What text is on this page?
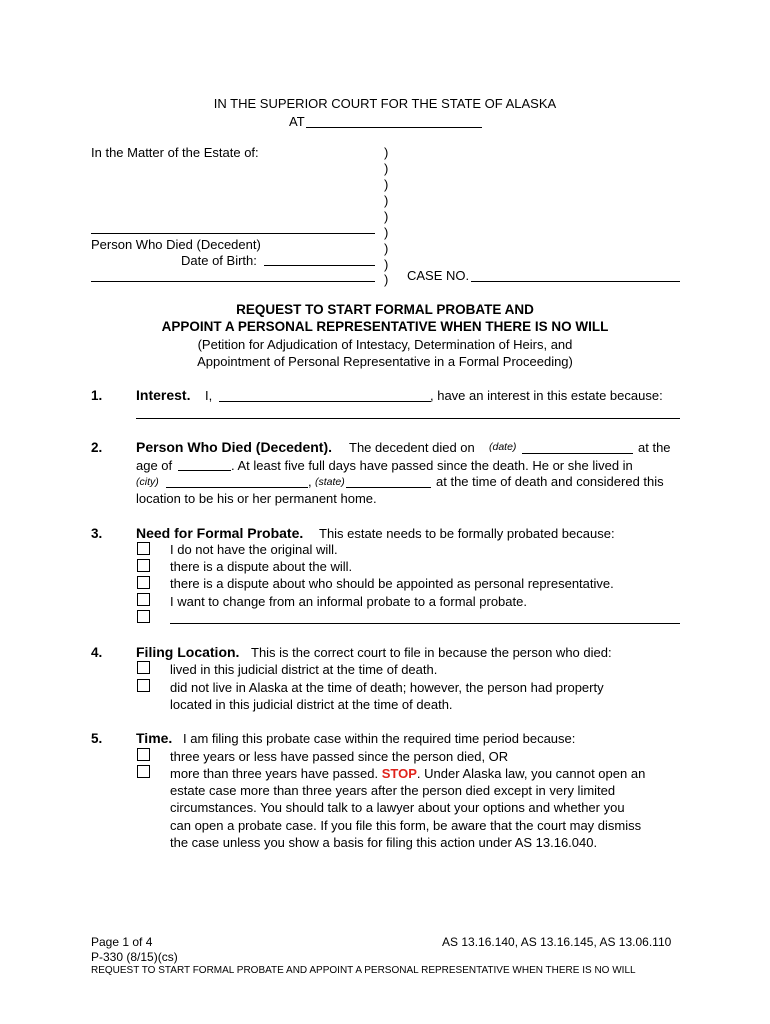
IN THE SUPERIOR COURT FOR THE STATE OF ALASKA
AT
In the Matter of the Estate of:	)
)
)
)
)
)
)
)
)
Person Who Died (Decedent)
Date of Birth:
CASE NO.
REQUEST TO START FORMAL PROBATE AND
APPOINT A PERSONAL REPRESENTATIVE WHEN THERE IS NO WILL
(Petition for Adjudication of Intestacy, Determination of Heirs, and
Appointment of Personal Representative in a Formal Proceeding)
1. Interest. I,	, have an interest in this estate because:
2. Person Who Died (Decedent). The decedent died on (date)	at the
age of	. At least five full days have passed since the death. He or she lived in
(city)	, (state)	at the time of death and considered this
location to be his or her permanent home.
3. Need for Formal Probate. This estate needs to be formally probated because:
I do not have the original will.
there is a dispute about the will.
there is a dispute about who should be appointed as personal representative.
I want to change from an informal probate to a formal probate.
4. Filing Location. This is the correct court to file in because the person who died:
lived in this judicial district at the time of death.
did not live in Alaska at the time of death; however, the person had property
located in this judicial district at the time of death.
5. Time. I am filing this probate case within the required time period because:
three years or less have passed since the person died, OR
more than three years have passed. STOP. Under Alaska law, you cannot open an
estate case more than three years after the person died except in very limited
circumstances. You should talk to a lawyer about your options and whether you
can open a probate case. If you file this form, be aware that the court may dismiss
the case unless you show a basis for filing this action under AS 13.16.040.
Page 1 of 4	AS 13.16.140, AS 13.16.145, AS 13.06.110
P-330 (8/15)(cs)
REQUEST TO START FORMAL PROBATE AND APPOINT A PERSONAL REPRESENTATIVE WHEN THERE IS NO WILL
